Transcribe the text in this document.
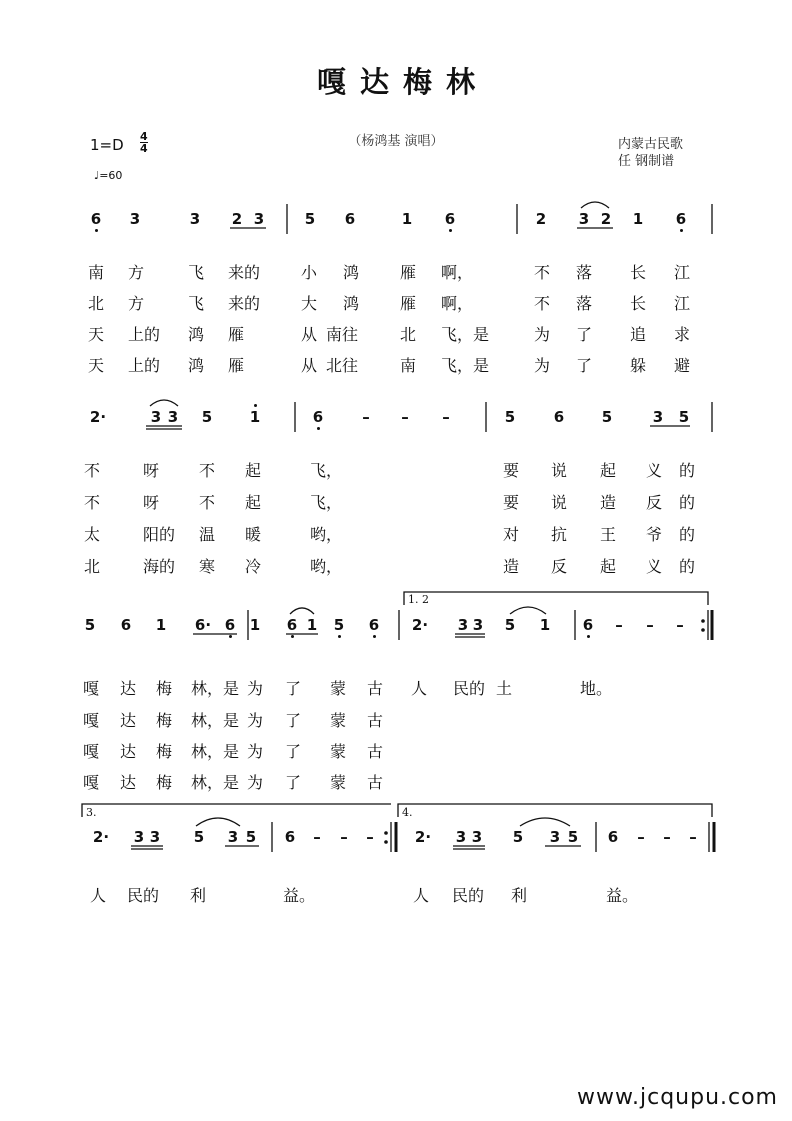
嘎达梅林
（杨鸿基 演唱）
$1=D \frac{4}{4}$
♩=60
内蒙古民歌
任 钢制谱
1. 2
3.	4.
6 3	3 2 3	5 6	1 6	2 3 2 1 6
南 方	飞 来的	小 鸿	雁 啊，	不 落 长 江
北 方	飞 来的	大 鸿	雁 啊，	不 落 长 江
天 上的 鸿 雁	从 南往	北 飞，是	为 了 追 求
天 上的 鸿 雁	从 北往	南 飞，是	为 了 躲 避
2·	3 3 5	1	6	– – –	5	6	5	3 5
不	呀 不 起	飞，	要 说 起 义 的
不	呀 不 起	飞，	要 说 造 反 的
太	阳的 温 暖	哟，	对 抗 王 爷 的
北	海的 寒 冷	哟，	造 反 起 义 的
5 6 1 6· 6 1 6 1 5 6 2· 3 3 5 1 6 – – –
嘎 达 梅 林，是 为 了 蒙 古 人 民的 土	地。
嘎 达 梅 林，是 为 了 蒙 古
嘎 达 梅 林，是 为 了 蒙 古
嘎 达 梅 林，是 为 了 蒙 古
2· 3 3 5 3 5 6 – – –	2· 3 3 5 3 5 6 – – –
人 民的 利	益。	人 民的 利	益。
www.jcqupu.com
